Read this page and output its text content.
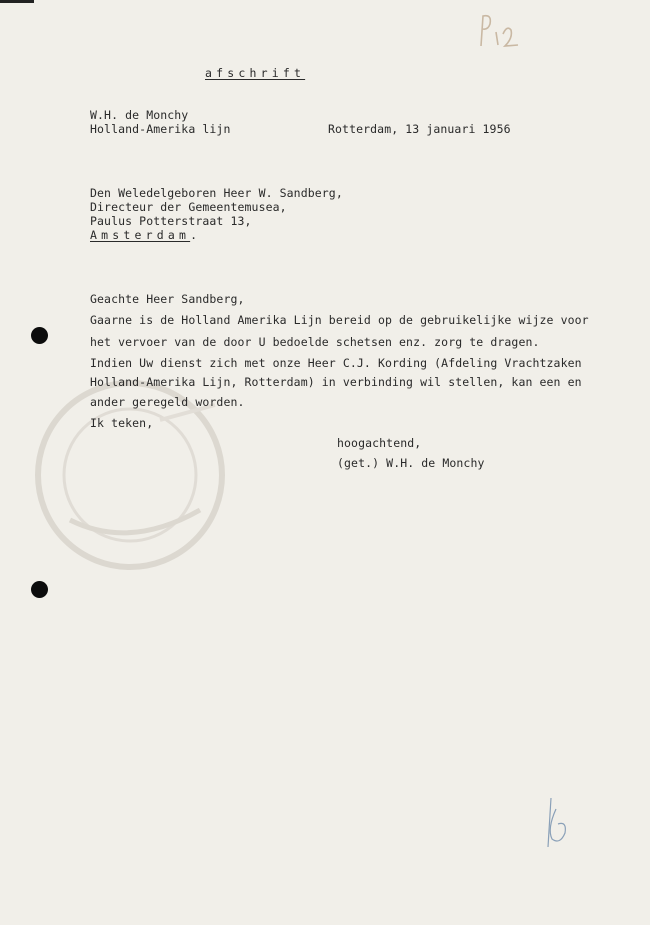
afschrift
W.H. de Monchy
Holland-Amerika lijn	Rotterdam, 13 januari 1956
Den Weledelgeboren Heer W. Sandberg,
Directeur der Gemeentemusea,
Paulus Potterstraat 13,
Amsterdam.
Geachte Heer Sandberg,
Gaarne is de Holland Amerika Lijn bereid op de gebruikelijke wijze voor
het vervoer van de door U bedoelde schetsen enz. zorg te dragen.
Indien Uw dienst zich met onze Heer C.J. Kording (Afdeling Vrachtzaken
Holland-Amerika Lijn, Rotterdam) in verbinding wil stellen, kan een en
ander geregeld worden.
Ik teken,
hoogachtend,
(get.) W.H. de Monchy
